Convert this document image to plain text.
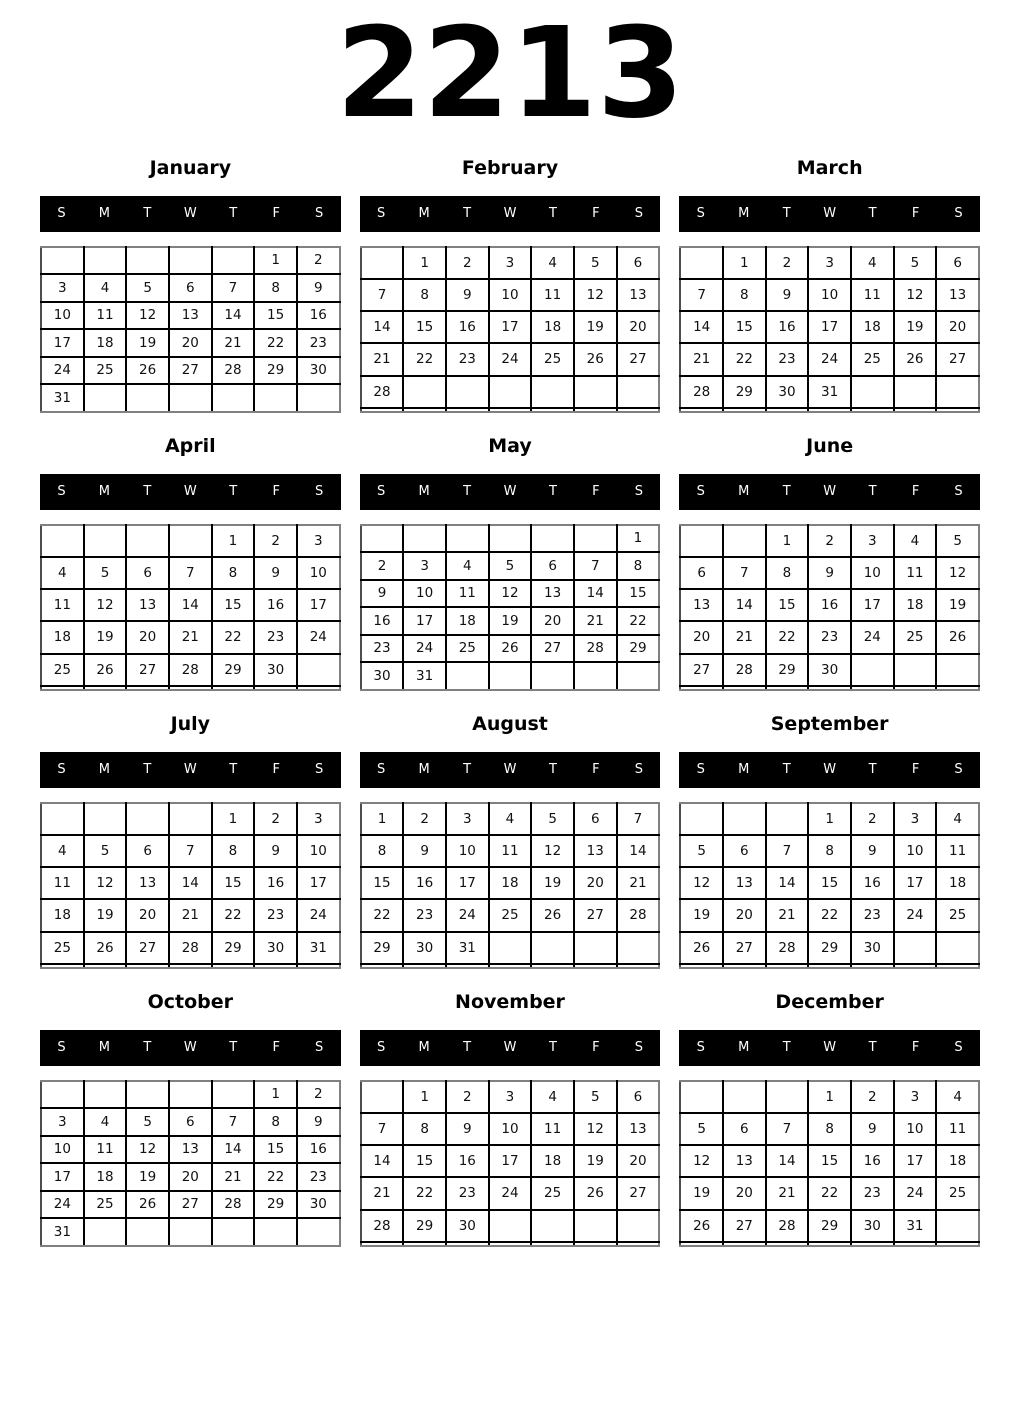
2213
January
S	M	T	W	T	F	S
					1	2
3	4	5	6	7	8	9
10	11	12	13	14	15	16
17	18	19	20	21	22	23
24	25	26	27	28	29	30
31						
February
S	M	T	W	T	F	S
	1	2	3	4	5	6
7	8	9	10	11	12	13
14	15	16	17	18	19	20
21	22	23	24	25	26	27
28						

March
S	M	T	W	T	F	S
	1	2	3	4	5	6
7	8	9	10	11	12	13
14	15	16	17	18	19	20
21	22	23	24	25	26	27
28	29	30	31			

April
S	M	T	W	T	F	S
				1	2	3
4	5	6	7	8	9	10
11	12	13	14	15	16	17
18	19	20	21	22	23	24
25	26	27	28	29	30	

May
S	M	T	W	T	F	S
						1
2	3	4	5	6	7	8
9	10	11	12	13	14	15
16	17	18	19	20	21	22
23	24	25	26	27	28	29
30	31					
June
S	M	T	W	T	F	S
		1	2	3	4	5
6	7	8	9	10	11	12
13	14	15	16	17	18	19
20	21	22	23	24	25	26
27	28	29	30			

July
S	M	T	W	T	F	S
				1	2	3
4	5	6	7	8	9	10
11	12	13	14	15	16	17
18	19	20	21	22	23	24
25	26	27	28	29	30	31

August
S	M	T	W	T	F	S
1	2	3	4	5	6	7
8	9	10	11	12	13	14
15	16	17	18	19	20	21
22	23	24	25	26	27	28
29	30	31				

September
S	M	T	W	T	F	S
			1	2	3	4
5	6	7	8	9	10	11
12	13	14	15	16	17	18
19	20	21	22	23	24	25
26	27	28	29	30		

October
S	M	T	W	T	F	S
					1	2
3	4	5	6	7	8	9
10	11	12	13	14	15	16
17	18	19	20	21	22	23
24	25	26	27	28	29	30
31						
November
S	M	T	W	T	F	S
	1	2	3	4	5	6
7	8	9	10	11	12	13
14	15	16	17	18	19	20
21	22	23	24	25	26	27
28	29	30				

December
S	M	T	W	T	F	S
			1	2	3	4
5	6	7	8	9	10	11
12	13	14	15	16	17	18
19	20	21	22	23	24	25
26	27	28	29	30	31	
